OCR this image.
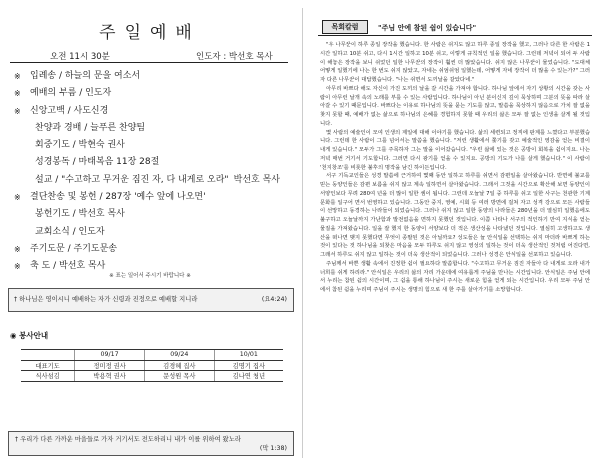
주일예배
오전 11시 30분	인도자 : 박선호 목사
※	입례송 / 하늘의 문을 여소서
※	예배의 부름 / 인도자
※	신앙고백 / 사도신경
찬양과 경배 / 늘푸른 찬양팀
회중기도 / 박현숙 권사
성경봉독 / 마태복음 11장 28절
설교 / "수고하고 무거운 짐진 자, 다 내게로 오라" 박선호 목사
※	결단찬송 및 봉헌 / 287장 '예수 앞에 나오면'
봉헌기도 / 박선호 목사
교회소식 / 인도자
※	주기도문 / 주기도문송
※	축 도 / 박선호 목사
※ 표는 일어서 주시기 바랍니다 ※
† 하나님은 영이시니 예배하는 자가 신령과 진정으로 예배할 지니라	(요4:24)
◉ 봉사안내
	09/17	09/24	10/01
대표기도	정미정 권사	김경혜 집사	김명기 집사
식사섬김	박용혁 권사	문성원 목사	김나연 청년
† 우리가 다른 가까운 마을들로 가자 거기서도 전도하리니 내가 이를 위하여 왔노라
(막 1:38)
목회칼럼	"주님 안에 참된 쉼이 있습니다"

"우 나무꾼이 하루 종일 장작을 했습니다. 한 사람은 쉬지도 않고 하루 종일 장작을 했고, 그러나 다른 한 사람은 1시간 일하고 10분 쉬고, 다시 1시간 일하고 10분 쉬고, 이렇게 규칙적인 일을 했습니다. 그런데 저녁이 되어 두 사람이 해놓은 장작을 보니 쉬었던 일한 나무꾼의 장작이 훨씬 더 많았습니다. 쉬지 않은 나무꾼이 물었습니다. "도대체 어떻게 일했기에 나는 한 번도 쉬지 않았고, 자네는 쉬엄쉬엄 일했는데, 어떻게 자네 장작이 더 많을 수 있는가?" 그러자 다른 나무꾼이 대답했습니다. "나는 쉬면서 도끼날을 갈았다네."

아무리 바쁘다 해도 자신이 가진 도끼의 날을 갈 시간을 가져야 합니다. 하나님 앞에서 자기 상황의 시간을 갖는 사람이 아무런 날개 속의 노래를 부를 수 있는 사람입니다. 하나님이 아닌 분이신지 깊이 묵상하며 그분의 뜻을 따라 살아갈 수 있기 때문입니다. 바쁘다는 이유로 하나님의 뜻을 묻는 기도를 않고, 말씀을 묵상하지 않음으로 가치 잘 없을 찾지 못할 때, 예배가 없는 삶으로 하나님의 은혜를 경험하지 못할 때 우리의 삶은 모두 잘 없는 인생을 살게 될 것입니다.

몇 사람의 예술인이 모여 인생의 제일에 대해 이야기를 했습니다. 삶의 세련되고 정직에 판계를 느꼈다고 부분했습니다. 그런데 한 사람이 그를 넘어서는 말씀을 했습니다. "저런 생활에서 쫓기를 갖고 예술적인 영감을 얻는 비결이 내게 있습니다." 모두가 그를 주목하자 그는 말을 이어갔습니다. "우린 삶에 있는 것은 공방이 회복을 쉼이지요. 나는 저녁 매번 거기서 기도합니다. 그러면 다시 광기를 얻을 수 있지요. 공방의 기도가 나를 살게 했습니다." 이 사람이 '천지창조'를 비롯한 불후의 명작을 남긴 하이든입니다.

서구 기독교인들은 성경 말씀에 근거하여 몇째 동안 일하고 하루를 쉬면서 감편일을 살아왔습니다. 반면에 불교를 믿는 동양인들은 감편 보름을 쉬지 않고 계속 일하면서 살아왔습니다. 그래서 그것을 시간으로 확산해 보면 동양인이 서양인보다 무려 280여 년을 더 많이 일한 셈이 됩니다. 그런데 오늘날 7일 중 하루를 쉬고 일한 사구는 천관한 기계 문화를 일구어 면서 번영하고 있습니다. 그동안 중지, 영예, 시회 등 여러 방면에 걸쳐 자고 성격 강으로 모든 사람들이 선망하고 동경하는 나라들이 되었습니다. 그러나 쉬지 않고 일한 동양의 나라들은 280년을 더 열심히 일했음에도 불구하고 오늘날까지 가난함과 발전없음을 면하지 못했던 것입니다. 이쯤 나타나 서구의 적인하기 만여 지식을 얻는 물질을 가져왔습니다. 일을 잘 했지 한 동양이 서양보다 더 적은 생산성을 나타냈던 것입니다. 열심히 고생하고도 생산을 떠나면 맺지 못했다면 무엇이 종팔된 것은 아닐까요? 성도들은 늘 안식일을 선택하는 쉬지 마더라 바쁘게 하는 것이 있다는 것 하나님을 되찾은 마음을 모두 하루도 쉬지 않고 영성의 일하는 것이 더욱 생산적인 것처럼 어진다면, 그래서 하루도 쉬지 않고 일하는 것이 더욱 생산적이 되었습니다. 그러나 성경은 안식일을 선포하고 있습니다.

주님께서 바쁜 생활 속에서 진정한 쉼이 필요하다 말씀합니다. "수고하고 무거운 짐진 자들아 다 내게로 오라 내가 너희를 쉬게 하리라." 안식일은 우리의 삶의 자리 가운데에 여유롭게 주님을 만나는 시간입니다. 안식일은 주님 안에서 누리는 참된 쉼의 시간이며, 그 쉼을 통해 하나님이 주시는 새로운 힘을 얻게 되는 시간입니다. 우리 모두 주님 안에서 참된 쉼을 누리며 주님이 주시는 생명의 힘으로 새 한 주를 살아가기를 소망합니다.
